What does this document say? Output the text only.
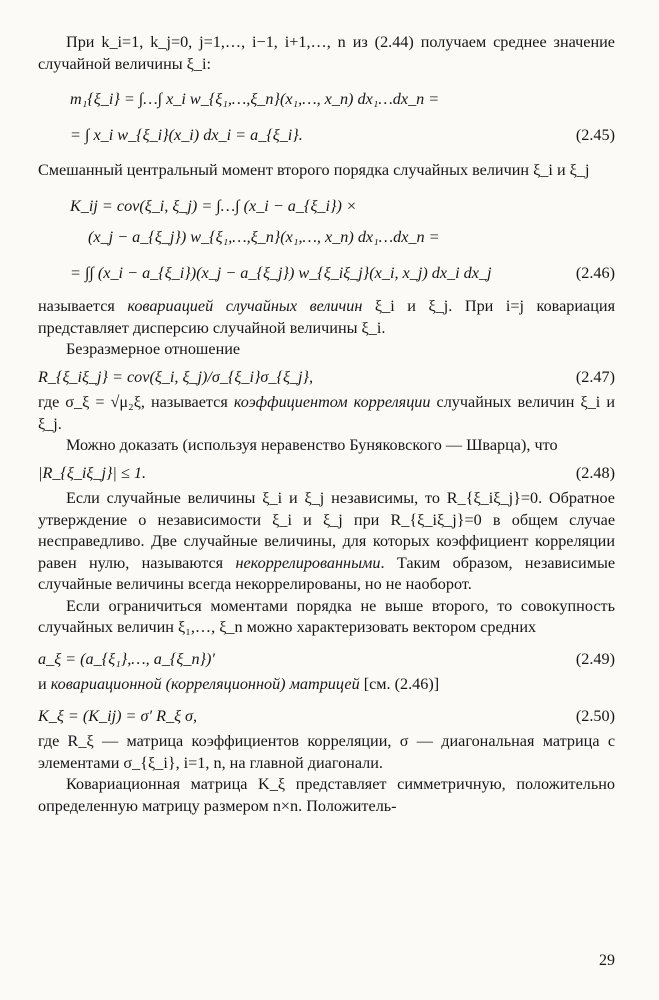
При k_i=1, k_j=0, j=1,…, i−1, i+1,…, n из (2.44) получаем среднее значение случайной величины ξ_i:

m₁{ξ_i} = ∫…∫ x_i w_{ξ₁,…,ξ_n}(x₁,…, x_n) dx₁…dx_n =
= ∫ x_i w_{ξ_i}(x_i) dx_i = a_{ξ_i}.	(2.45)

Смешанный центральный момент второго порядка случайных величин ξ_i и ξ_j

K_ij = cov(ξ_i, ξ_j) = ∫…∫ (x_i − a_{ξ_i}) ×
(x_j − a_{ξ_j}) w_{ξ₁,…,ξ_n}(x₁,…, x_n) dx₁…dx_n =
= ∫∫ (x_i − a_{ξ_i})(x_j − a_{ξ_j}) w_{ξ_iξ_j}(x_i, x_j) dx_i dx_j	(2.46)

называется ковариацией случайных величин ξ_i и ξ_j. При i=j ковариация представляет дисперсию случайной величины ξ_i.

Безразмерное отношение

R_{ξ_iξ_j} = cov(ξ_i, ξ_j)/σ_{ξ_i}σ_{ξ_j},	(2.47)

где σ_ξ = √μ₂ξ, называется коэффициентом корреляции случайных величин ξ_i и ξ_j.

Можно доказать (используя неравенство Буняковского — Шварца), что

|R_{ξ_iξ_j}| ≤ 1.	(2.48)

Если случайные величины ξ_i и ξ_j независимы, то R_{ξ_iξ_j}=0. Обратное утверждение о независимости ξ_i и ξ_j при R_{ξ_iξ_j}=0 в общем случае несправедливо. Две случайные величины, для которых коэффициент корреляции равен нулю, называются некоррелированными. Таким образом, независимые случайные величины всегда некоррелированы, но не наоборот.

Если ограничиться моментами порядка не выше второго, то совокупность случайных величин ξ₁,…, ξ_n можно характеризовать вектором средних

a_ξ = (a_{ξ₁},…, a_{ξ_n})′	(2.49)

и ковариационной (корреляционной) матрицей [см. (2.46)]

K_ξ = (K_ij) = σ′ R_ξ σ,	(2.50)

где R_ξ — матрица коэффициентов корреляции, σ — диагональная матрица с элементами σ_{ξ_i}, i=1, n, на главной диагонали.

Ковариационная матрица K_ξ представляет симметричную, положительно определенную матрицу размером n×n. Положитель-

29
